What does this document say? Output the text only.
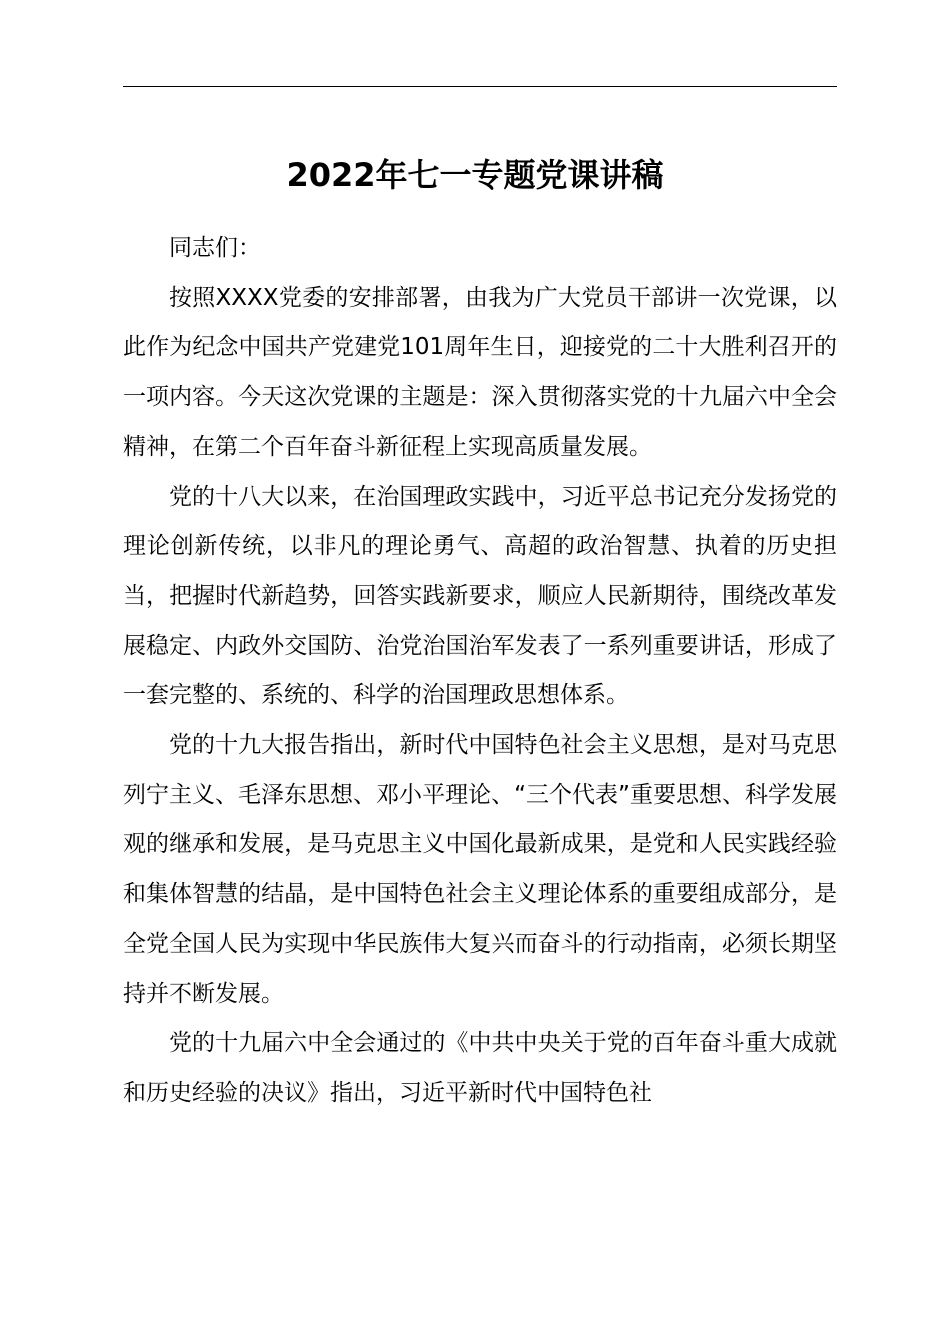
2022年七一专题党课讲稿

同志们：

按照XXXX党委的安排部署，由我为广大党员干部讲一次党课，以此作为纪念中国共产党建党101周年生日，迎接党的二十大胜利召开的一项内容。今天这次党课的主题是：深入贯彻落实党的十九届六中全会精神，在第二个百年奋斗新征程上实现高质量发展。

党的十八大以来，在治国理政实践中，习近平总书记充分发扬党的理论创新传统，以非凡的理论勇气、高超的政治智慧、执着的历史担当，把握时代新趋势，回答实践新要求，顺应人民新期待，围绕改革发展稳定、内政外交国防、治党治国治军发表了一系列重要讲话，形成了一套完整的、系统的、科学的治国理政思想体系。

党的十九大报告指出，新时代中国特色社会主义思想，是对马克思列宁主义、毛泽东思想、邓小平理论、“三个代表”重要思想、科学发展观的继承和发展，是马克思主义中国化最新成果，是党和人民实践经验和集体智慧的结晶，是中国特色社会主义理论体系的重要组成部分，是全党全国人民为实现中华民族伟大复兴而奋斗的行动指南，必须长期坚持并不断发展。

党的十九届六中全会通过的《中共中央关于党的百年奋斗重大成就和历史经验的决议》指出，习近平新时代中国特色社
